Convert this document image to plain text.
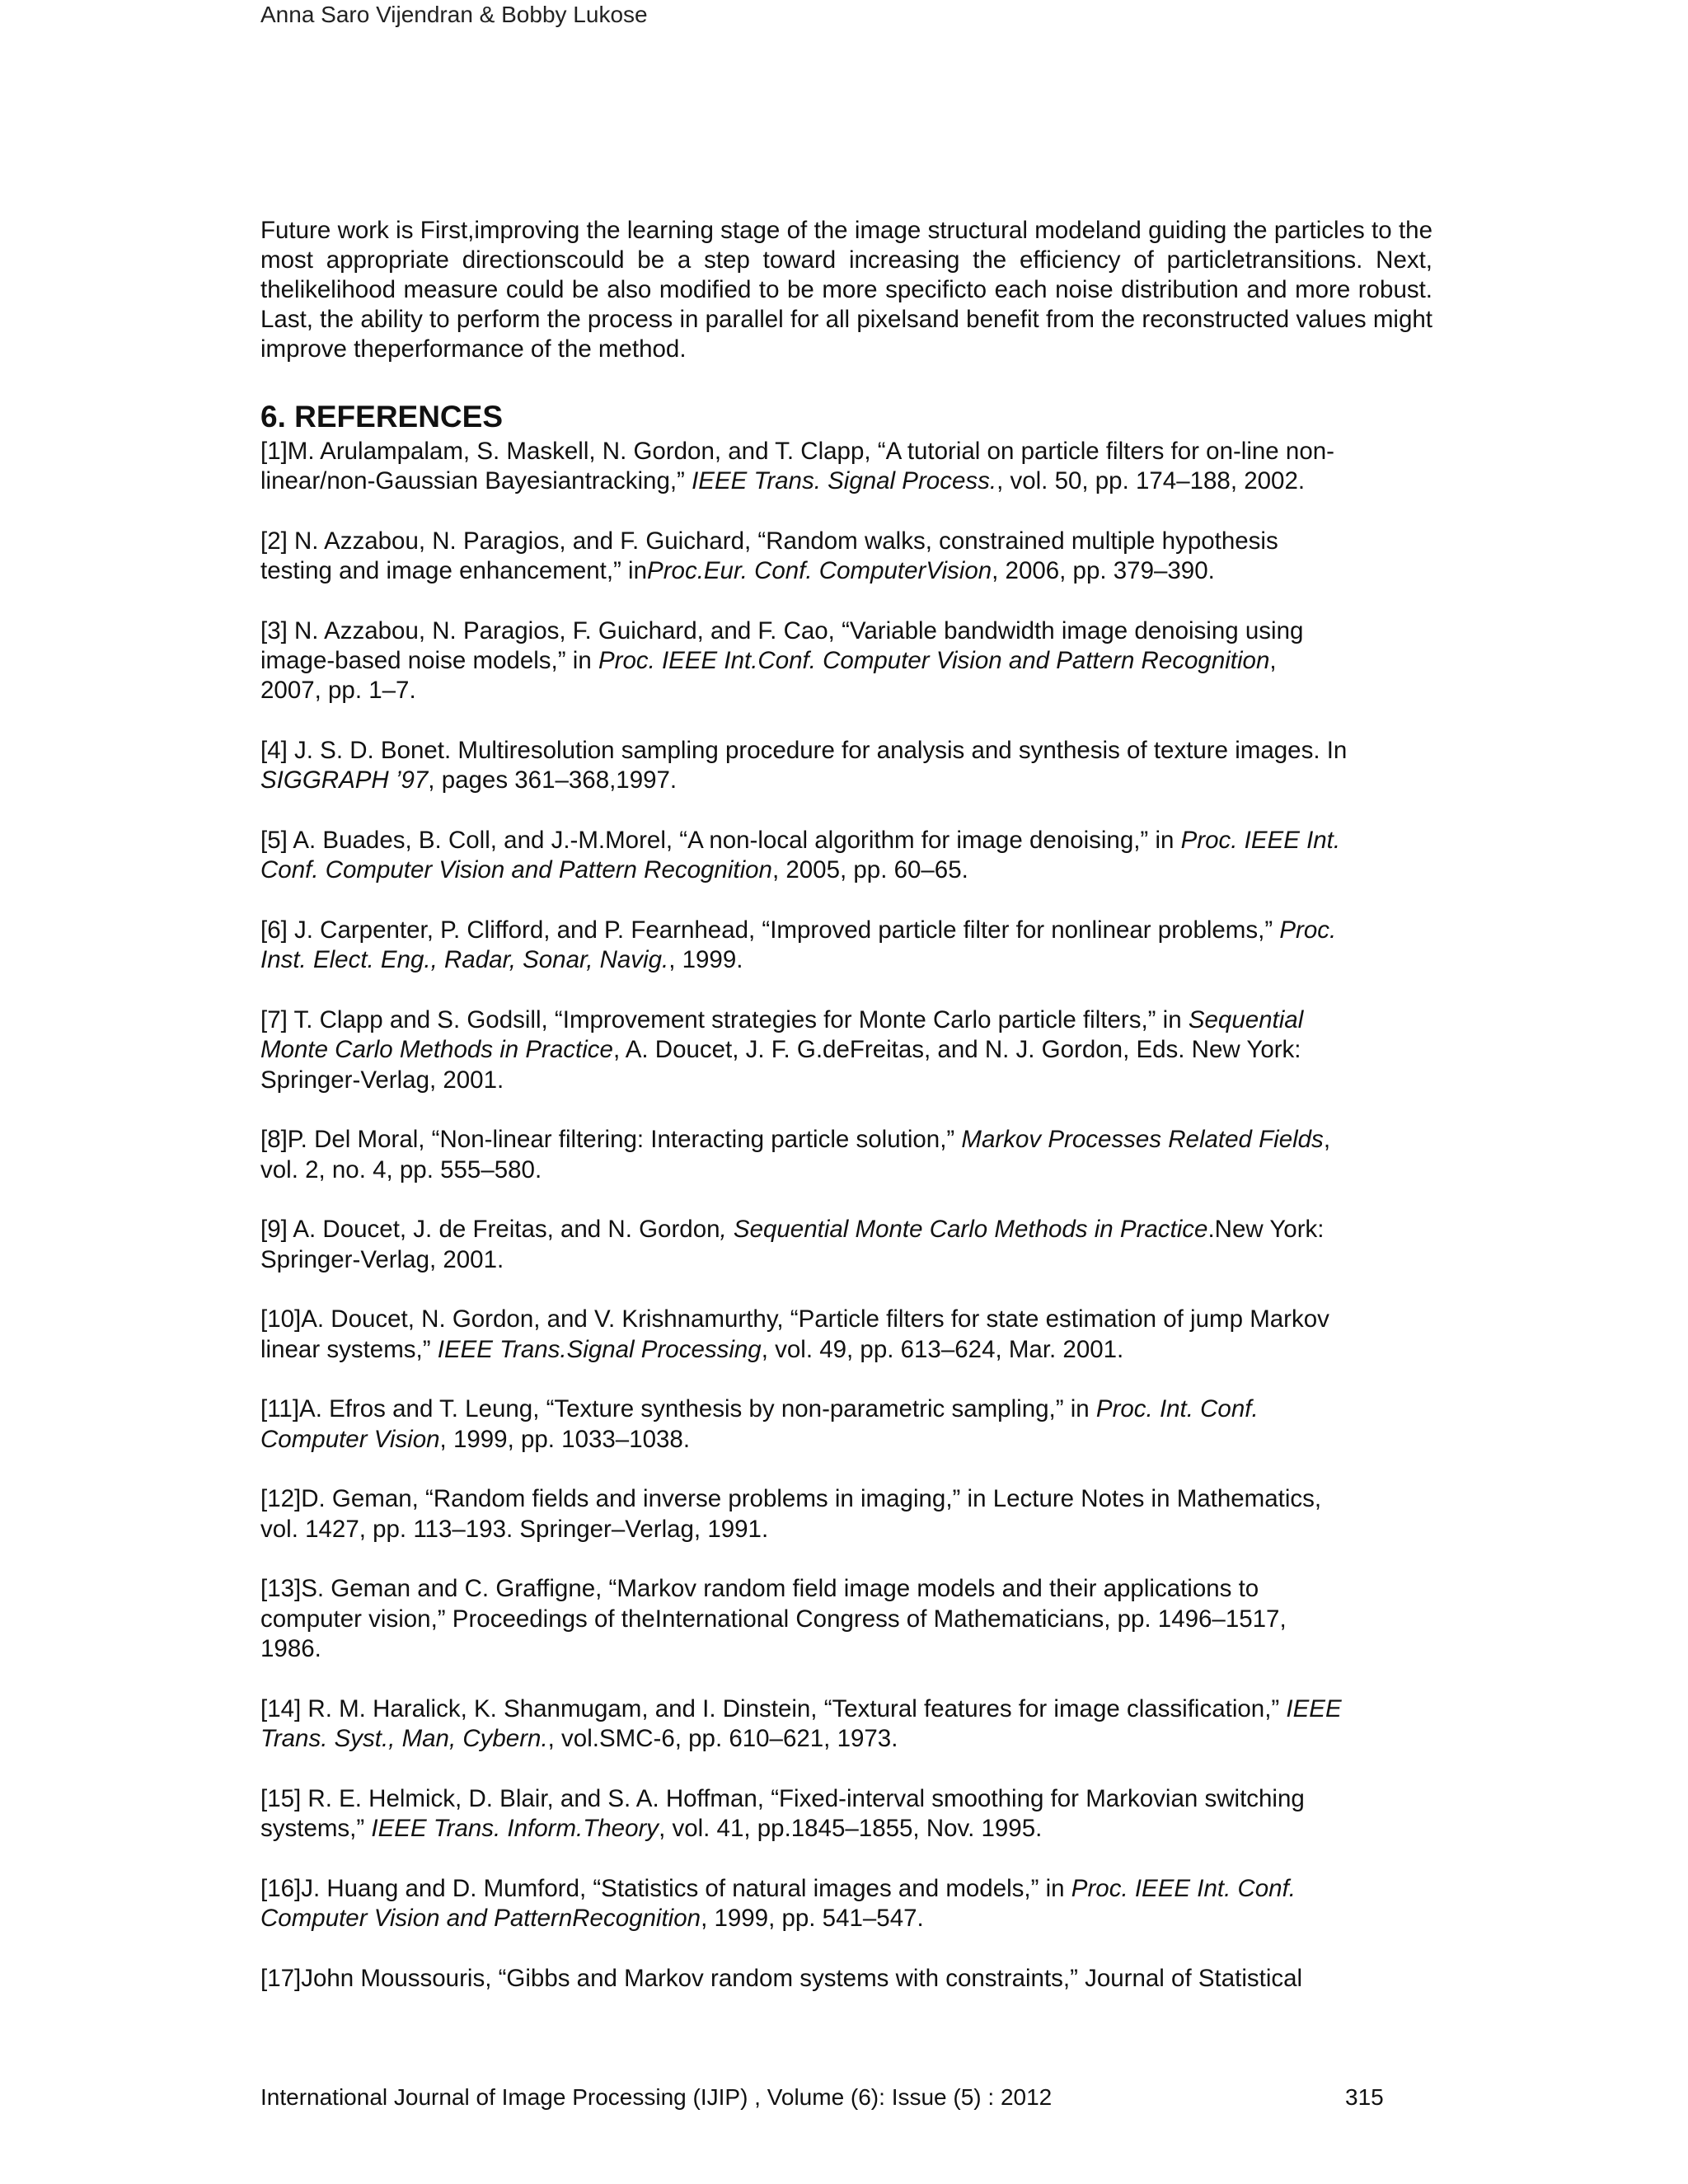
Anna Saro Vijendran & Bobby Lukose

Future work is First,improving the learning stage of the image structural modeland guiding the particles to the most appropriate directionscould be a step toward increasing the efficiency of particletransitions. Next, thelikelihood measure could be also modified to be more specificto each noise distribution and more robust. Last, the ability to perform the process in parallel for all pixelsand benefit from the reconstructed values might improve theperformance of the method.

6. REFERENCES
[1]M. Arulampalam, S. Maskell, N. Gordon, and T. Clapp, “A tutorial on particle filters for on-line non-
linear/non-Gaussian Bayesiantracking,” IEEE Trans. Signal Process., vol. 50, pp. 174–188, 2002.
[2] N. Azzabou, N. Paragios, and F. Guichard, “Random walks, constrained multiple hypothesis
testing and image enhancement,” inProc.Eur. Conf. ComputerVision, 2006, pp. 379–390.
[3] N. Azzabou, N. Paragios, F. Guichard, and F. Cao, “Variable bandwidth image denoising using
image-based noise models,” in Proc. IEEE Int.Conf. Computer Vision and Pattern Recognition,
2007, pp. 1–7.
[4] J. S. D. Bonet. Multiresolution sampling procedure for analysis and synthesis of texture images. In
SIGGRAPH ’97, pages 361–368,1997.
[5] A. Buades, B. Coll, and J.-M.Morel, “A non-local algorithm for image denoising,” in Proc. IEEE Int.
Conf. Computer Vision and Pattern Recognition, 2005, pp. 60–65.
[6] J. Carpenter, P. Clifford, and P. Fearnhead, “Improved particle filter for nonlinear problems,” Proc.
Inst. Elect. Eng., Radar, Sonar, Navig., 1999.
[7] T. Clapp and S. Godsill, “Improvement strategies for Monte Carlo particle filters,” in Sequential
Monte Carlo Methods in Practice, A. Doucet, J. F. G.deFreitas, and N. J. Gordon, Eds. New York:
Springer-Verlag, 2001.
[8]P. Del Moral, “Non-linear filtering: Interacting particle solution,” Markov Processes Related Fields,
vol. 2, no. 4, pp. 555–580.
[9] A. Doucet, J. de Freitas, and N. Gordon, Sequential Monte Carlo Methods in Practice.New York:
Springer-Verlag, 2001.
[10]A. Doucet, N. Gordon, and V. Krishnamurthy, “Particle filters for state estimation of jump Markov
linear systems,” IEEE Trans.Signal Processing, vol. 49, pp. 613–624, Mar. 2001.
[11]A. Efros and T. Leung, “Texture synthesis by non-parametric sampling,” in Proc. Int. Conf.
Computer Vision, 1999, pp. 1033–1038.
[12]D. Geman, “Random fields and inverse problems in imaging,” in Lecture Notes in Mathematics,
vol. 1427, pp. 113–193. Springer–Verlag, 1991.
[13]S. Geman and C. Graffigne, “Markov random field image models and their applications to
computer vision,” Proceedings of theInternational Congress of Mathematicians, pp. 1496–1517,
1986.
[14] R. M. Haralick, K. Shanmugam, and I. Dinstein, “Textural features for image classification,” IEEE
Trans. Syst., Man, Cybern., vol.SMC-6, pp. 610–621, 1973.
[15] R. E. Helmick, D. Blair, and S. A. Hoffman, “Fixed-interval smoothing for Markovian switching
systems,” IEEE Trans. Inform.Theory, vol. 41, pp.1845–1855, Nov. 1995.
[16]J. Huang and D. Mumford, “Statistics of natural images and models,” in Proc. IEEE Int. Conf.
Computer Vision and PatternRecognition, 1999, pp. 541–547.
[17]John Moussouris, “Gibbs and Markov random systems with constraints,” Journal of Statistical
International Journal of Image Processing (IJIP) , Volume (6): Issue (5) : 2012	315
